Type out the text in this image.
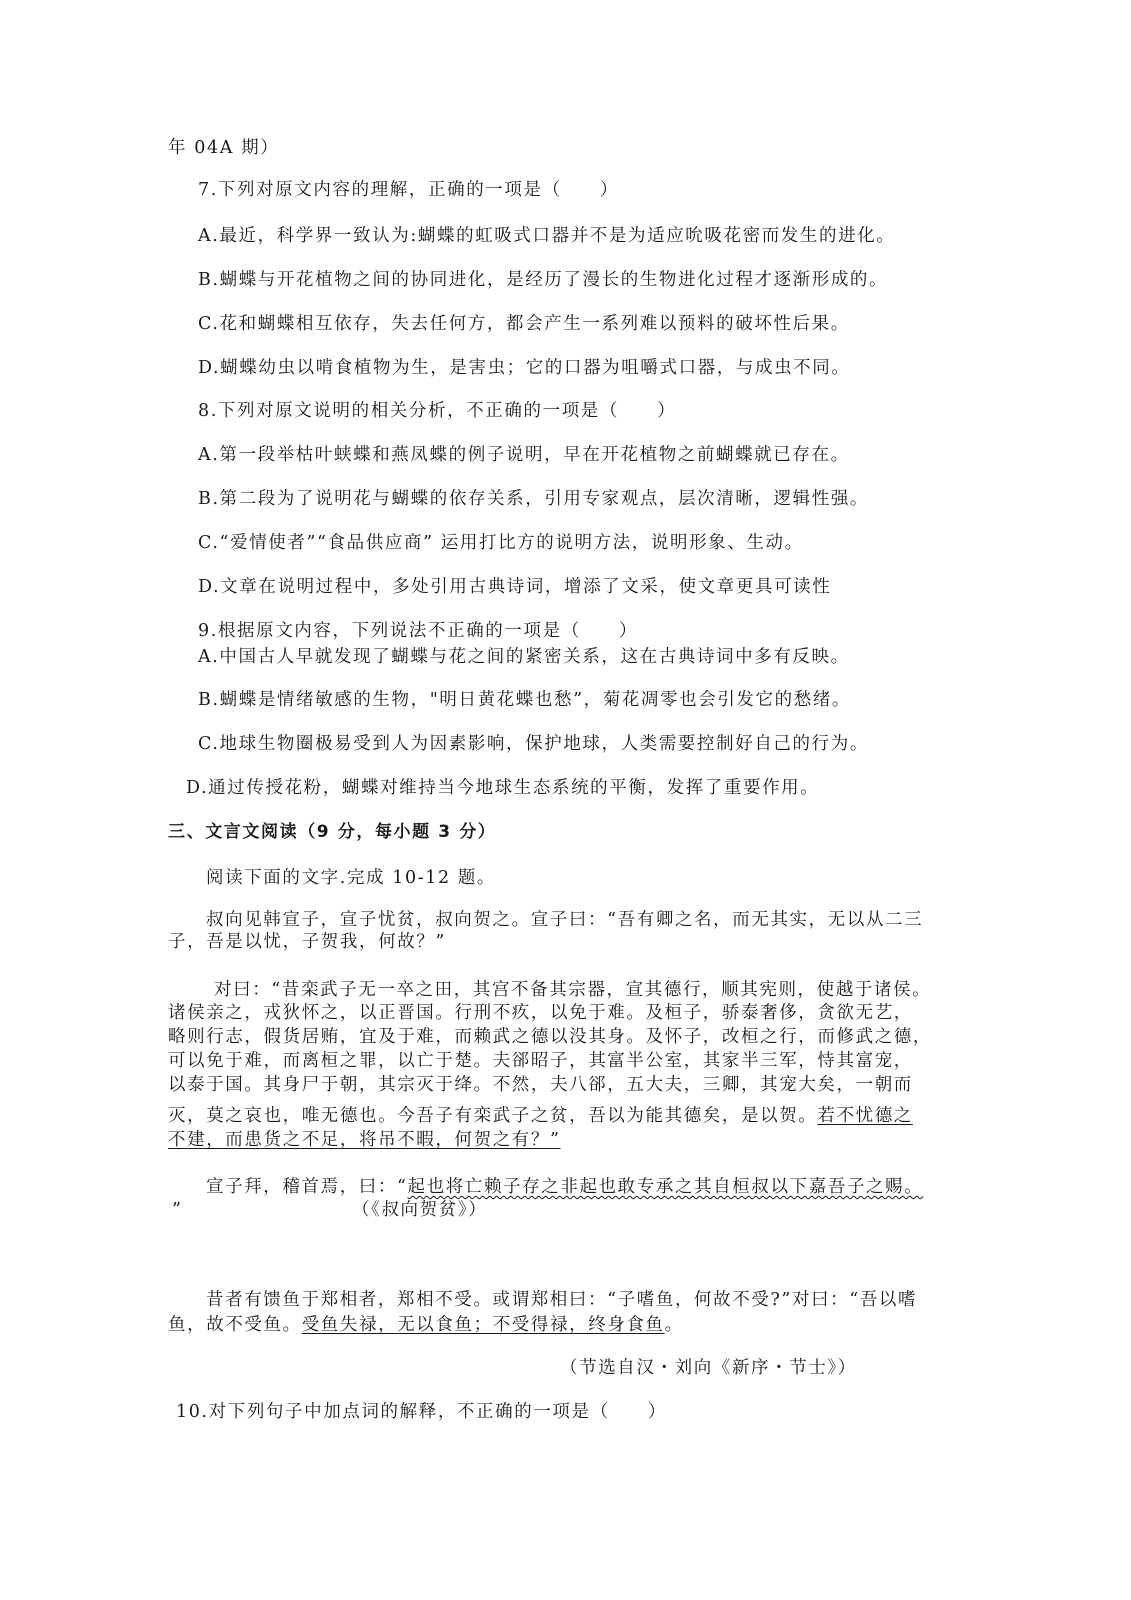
年 04A 期）
7.下列对原文内容的理解，正确的一项是（　　）
A.最近，科学界一致认为:蝴蝶的虹吸式口器并不是为适应吮吸花密而发生的进化。
B.蝴蝶与开花植物之间的协同进化，是经历了漫长的生物进化过程才逐渐形成的。
C.花和蝴蝶相互依存，失去任何方，都会产生一系列难以预料的破坏性后果。
D.蝴蝶幼虫以啃食植物为生，是害虫；它的口器为咀嚼式口器，与成虫不同。
8.下列对原文说明的相关分析，不正确的一项是（　　）
A.第一段举枯叶蛱蝶和燕凤蝶的例子说明，早在开花植物之前蝴蝶就已存在。
B.第二段为了说明花与蝴蝶的依存关系，引用专家观点，层次清晰，逻辑性强。
C.“爱情使者”“食品供应商” 运用打比方的说明方法，说明形象、生动。
D.文章在说明过程中，多处引用古典诗词，增添了文采，使文章更具可读性
9.根据原文内容，下列说法不正确的一项是（　　）
A.中国古人早就发现了蝴蝶与花之间的紧密关系，这在古典诗词中多有反映。
B.蝴蝶是情绪敏感的生物，"明日黄花蝶也愁”，菊花凋零也会引发它的愁绪。
C.地球生物圈极易受到人为因素影响，保护地球，人类需要控制好自己的行为。
D.通过传授花粉，蝴蝶对维持当今地球生态系统的平衡，发挥了重要作用。
三、文言文阅读（9 分，每小题 3 分）
阅读下面的文字.完成 10-12 题。
叔向见韩宣子，宣子忧贫，叔向贺之。宣子曰：“吾有卿之名，而无其实，无以从二三
子，吾是以忧，子贺我，何故？”
对曰：“昔栾武子无一卒之田，其宫不备其宗器，宣其德行，顺其宪则，使越于诸侯。
诸侯亲之，戎狄怀之，以正晋国。行刑不疚，以免于难。及桓子，骄泰奢侈，贪欲无艺，
略则行志，假货居贿，宜及于难，而赖武之德以没其身。及怀子，改桓之行，而修武之德，
可以免于难，而离桓之罪，以亡于楚。夫郤昭子，其富半公室，其家半三军，恃其富宠，
以泰于国。其身尸于朝，其宗灭于绛。不然，夫八郤，五大夫，三卿，其宠大矣，一朝而
灭，莫之哀也，唯无德也。今吾子有栾武子之贫，吾以为能其德矣，是以贺。若不忧德之
不建，而患货之不足，将吊不暇，何贺之有？”
宣子拜，稽首焉，曰：“起也将亡赖子存之非起也敢专承之其自桓叔以下嘉吾子之赐。
”	（《叔向贺贫》）
昔者有馈鱼于郑相者，郑相不受。或谓郑相曰：“子嗜鱼，何故不受?”对曰：“吾以嗜
鱼，故不受鱼。受鱼失禄，无以食鱼；不受得禄，终身食鱼。
（节选自汉・刘向《新序・节士》）
10.对下列句子中加点词的解释，不正确的一项是（　　）
